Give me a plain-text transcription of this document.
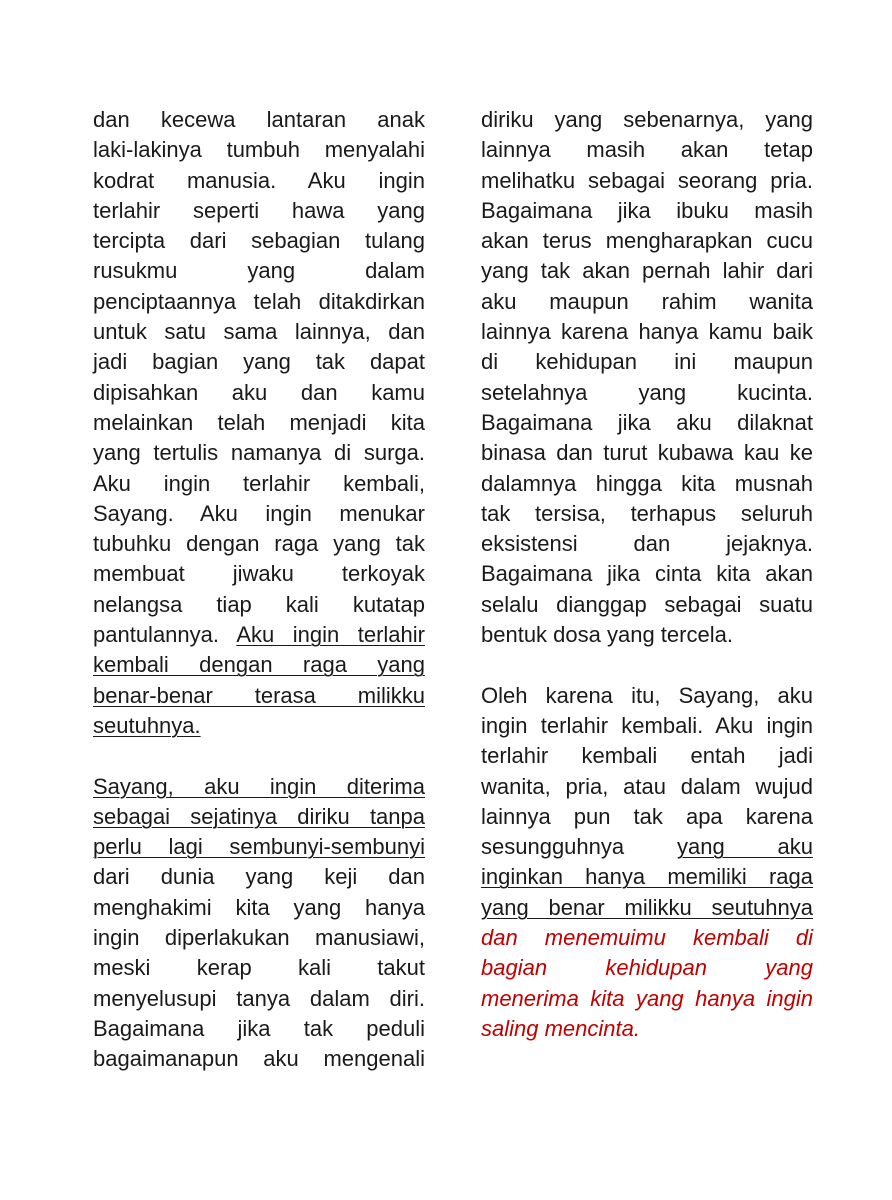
dan kecewa lantaran anak
laki-lakinya tumbuh menyalahi
kodrat manusia. Aku ingin
terlahir seperti hawa yang
tercipta dari sebagian tulang
rusukmu yang dalam
penciptaannya telah ditakdirkan
untuk satu sama lainnya, dan
jadi bagian yang tak dapat
dipisahkan aku dan kamu
melainkan telah menjadi kita
yang tertulis namanya di surga.
Aku ingin terlahir kembali,
Sayang. Aku ingin menukar
tubuhku dengan raga yang tak
membuat jiwaku terkoyak
nelangsa tiap kali kutatap
pantulannya. Aku ingin terlahir
kembali dengan raga yang
benar-benar terasa milikku
seutuhnya.
Sayang, aku ingin diterima
sebagai sejatinya diriku tanpa
perlu lagi sembunyi-sembunyi
dari dunia yang keji dan
menghakimi kita yang hanya
ingin diperlakukan manusiawi,
meski kerap kali takut
menyelusupi tanya dalam diri.
Bagaimana jika tak peduli
bagaimanapun aku mengenali
diriku yang sebenarnya, yang
lainnya masih akan tetap
melihatku sebagai seorang pria.
Bagaimana jika ibuku masih
akan terus mengharapkan cucu
yang tak akan pernah lahir dari
aku maupun rahim wanita
lainnya karena hanya kamu baik
di kehidupan ini maupun
setelahnya yang kucinta.
Bagaimana jika aku dilaknat
binasa dan turut kubawa kau ke
dalamnya hingga kita musnah
tak tersisa, terhapus seluruh
eksistensi dan jejaknya.
Bagaimana jika cinta kita akan
selalu dianggap sebagai suatu
bentuk dosa yang tercela.
Oleh karena itu, Sayang, aku
ingin terlahir kembali. Aku ingin
terlahir kembali entah jadi
wanita, pria, atau dalam wujud
lainnya pun tak apa karena
sesungguhnya yang aku
inginkan hanya memiliki raga
yang benar milikku seutuhnya
dan menemuimu kembali di
bagian kehidupan yang
menerima kita yang hanya ingin
saling mencinta.
